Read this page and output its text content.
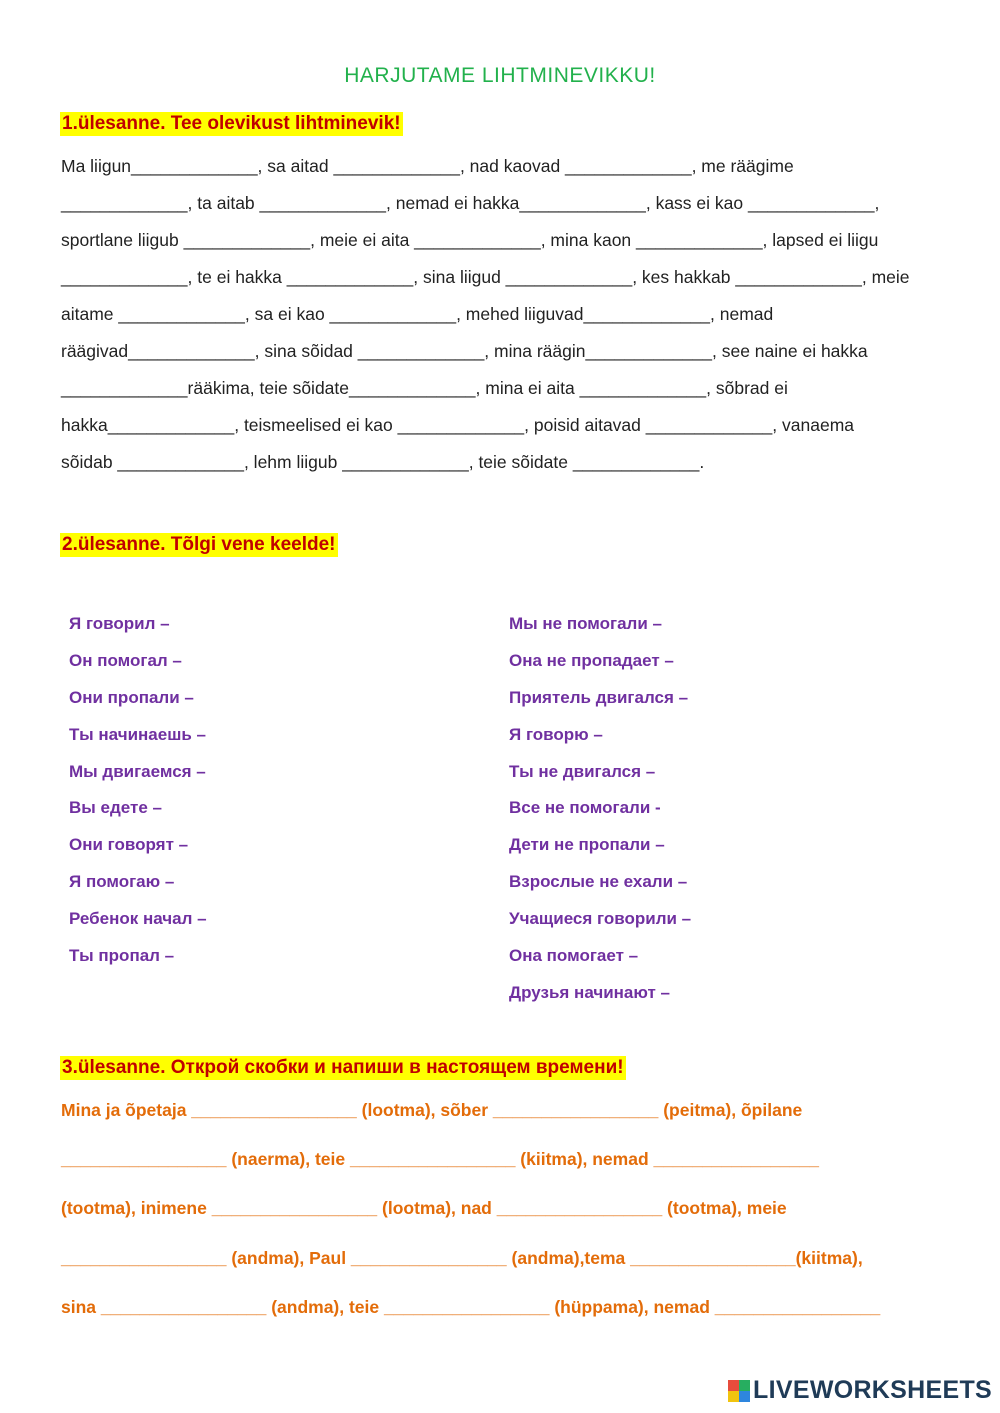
HARJUTAME LIHTMINEVIKKU!
1.ülesanne. Tee olevikust lihtminevik!
Ma liigun_____________, sa aitad _____________, nad kaovad _____________, me räägime
_____________, ta aitab _____________, nemad ei hakka_____________, kass ei kao _____________,
sportlane liigub _____________, meie ei aita _____________, mina kaon _____________, lapsed ei liigu
_____________, te ei hakka _____________, sina liigud _____________, kes hakkab _____________, meie
aitame _____________, sa ei kao _____________, mehed liiguvad_____________, nemad
räägivad_____________, sina sõidad _____________, mina räägin_____________, see naine ei hakka
_____________rääkima, teie sõidate_____________, mina ei aita _____________, sõbrad ei
hakka_____________, teismeelised ei kao _____________, poisid aitavad _____________, vanaema
sõidab _____________, lehm liigub _____________, teie sõidate _____________.
2.ülesanne. Tõlgi vene keelde!
Я говорил –
Он помогал –
Они пропали –
Ты начинаешь –
Мы двигаемся –
Вы едете –
Они говорят –
Я помогаю –
Ребенок начал –
Ты пропал –
Мы не помогали –
Она не пропадает –
Приятель двигался –
Я говорю –
Ты не двигался –
Все не помогали -
Дети не пропали –
Взрослые не ехали –
Учащиеся говорили –
Она помогает –
Друзья начинают –
3.ülesanne. Открой скобки и напиши в настоящем времени!
Mina ja õpetaja _________________ (lootma), sõber _________________ (peitma), õpilane
_________________ (naerma), teie _________________ (kiitma), nemad _________________
(tootma), inimene _________________ (lootma), nad _________________ (tootma), meie
_________________ (andma), Paul ________________ (andma),tema _________________(kiitma),
sina _________________ (andma), teie _________________ (hüppama), nemad _________________
LIVEWORKSHEETS
